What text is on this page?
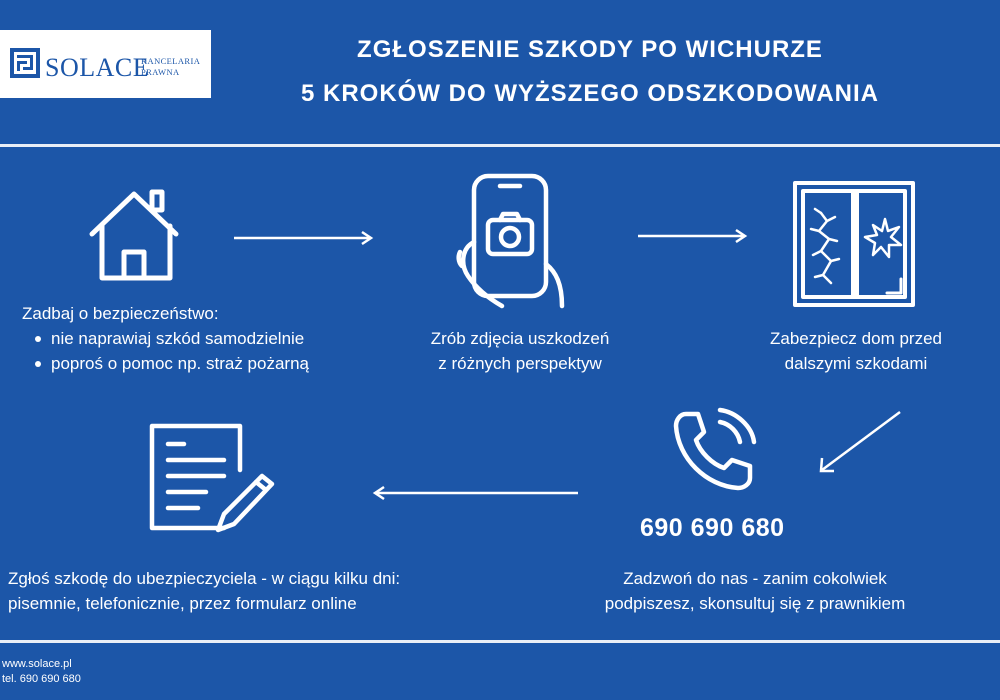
SOLACE
KANCELARIA
PRAWNA
ZGŁOSZENIE SZKODY PO WICHURZE
5 KROKÓW DO WYŻSZEGO ODSZKODOWANIA
Zadbaj o bezpieczeństwo:
nie naprawiaj szkód samodzielnie
poproś o pomoc np. straż pożarną
Zrób zdjęcia uszkodzeń
z różnych perspektyw
Zabezpiecz dom przed
dalszymi szkodami
690 690 680
Zadzwoń do nas - zanim cokolwiek
podpiszesz, skonsultuj się z prawnikiem
Zgłoś szkodę do ubezpieczyciela - w ciągu kilku dni:
pisemnie, telefonicznie, przez formularz online
www.solace.pl
tel. 690 690 680
